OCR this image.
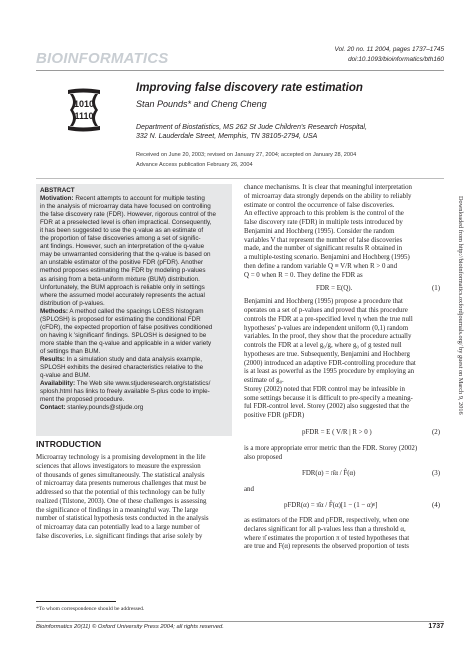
BIOINFORMATICS
Vol. 20 no. 11 2004, pages 1737–1745
doi:10.1093/bioinformatics/bth160
1010
1110
Improving false discovery rate estimation
Stan Pounds* and Cheng Cheng
Department of Biostatistics, MS 262 St Jude Children's Research Hospital,
332 N. Lauderdale Street, Memphis, TN 38105-2794, USA
Received on June 20, 2003; revised on January 27, 2004; accepted on January 28, 2004
Advance Access publication February 26, 2004
ABSTRACT
Motivation: Recent attempts to account for multiple testing
in the analysis of microarray data have focused on controlling
the false discovery rate (FDR). However, rigorous control of the
FDR at a preselected level is often impractical. Consequently,
it has been suggested to use the q-value as an estimate of
the proportion of false discoveries among a set of signific-
ant findings. However, such an interpretation of the q-value
may be unwarranted considering that the q-value is based on
an unstable estimator of the positive FDR (pFDR). Another
method proposes estimating the FDR by modeling p-values
as arising from a beta-uniform mixture (BUM) distribution.
Unfortunately, the BUM approach is reliable only in settings
where the assumed model accurately represents the actual
distribution of p-values.
Methods: A method called the spacings LOESS histogram
(SPLOSH) is proposed for estimating the conditional FDR
(cFDR), the expected proportion of false positives conditioned
on having k 'significant' findings. SPLOSH is designed to be
more stable than the q-value and applicable in a wider variety
of settings than BUM.
Results: In a simulation study and data analysis example,
SPLOSH exhibits the desired characteristics relative to the
q-value and BUM.
Availability: The Web site www.stjuderesearch.org/statistics/
splosh.html has links to freely available S-plus code to imple-
ment the proposed procedure.
Contact: stanley.pounds@stjude.org
INTRODUCTION
Microarray technology is a promising development in the life
sciences that allows investigators to measure the expression
of thousands of genes simultaneously. The statistical analysis
of microarray data presents numerous challenges that must be
addressed so that the potential of this technology can be fully
realized (Tilstone, 2003). One of these challenges is assessing
the significance of findings in a meaningful way. The large
number of statistical hypothesis tests conducted in the analysis
of microarray data can potentially lead to a large number of
false discoveries, i.e. significant findings that arise solely by
chance mechanisms. It is clear that meaningful interpretation
of microarray data strongly depends on the ability to reliably
estimate or control the occurrence of false discoveries.
An effective approach to this problem is the control of the
false discovery rate (FDR) in multiple tests introduced by
Benjamini and Hochberg (1995). Consider the random
variables V that represent the number of false discoveries
made, and the number of significant results R obtained in
a multiple-testing scenario. Benjamini and Hochberg (1995)
then define a random variable Q ≡ V/R when R > 0 and
Q = 0 when R = 0. They define the FDR as
FDR = E(Q).	(1)
Benjamini and Hochberg (1995) propose a procedure that
operates on a set of p-values and proved that this procedure
controls the FDR at a pre-specified level η when the true null
hypotheses' p-values are independent uniform (0,1) random
variables. In the proof, they show that the procedure actually
controls the FDR at a level g₀/g, where g₀ of g tested null
hypotheses are true. Subsequently, Benjamini and Hochberg
(2000) introduced an adaptive FDR-controlling procedure that
is at least as powerful as the 1995 procedure by employing an
estimate of g₀.
Storey (2002) noted that FDR control may be infeasible in
some settings because it is difficult to pre-specify a meaning-
ful FDR-control level. Storey (2002) also suggested that the
positive FDR (pFDR)
pFDR = E ( V/R | R > 0 )	(2)
is a more appropriate error metric than the FDR. Storey (2002)
also proposed
FDR(α) = π̂α / F̂(α)	(3)
and
pFDR(α) = π̂α / F̂(α)[1 − (1 − α)ᵍ]	(4)
as estimators of the FDR and pFDR, respectively, when one
declares significant for all p-values less than a threshold α,
where π̂ estimates the proportion π of tested hypotheses that
are true and F̂(α) represents the observed proportion of tests
*To whom correspondence should be addressed.
Bioinformatics 20(11) © Oxford University Press 2004; all rights reserved.	1737
Downloaded from http://bioinformatics.oxfordjournals.org/ by guest on March 9, 2016
